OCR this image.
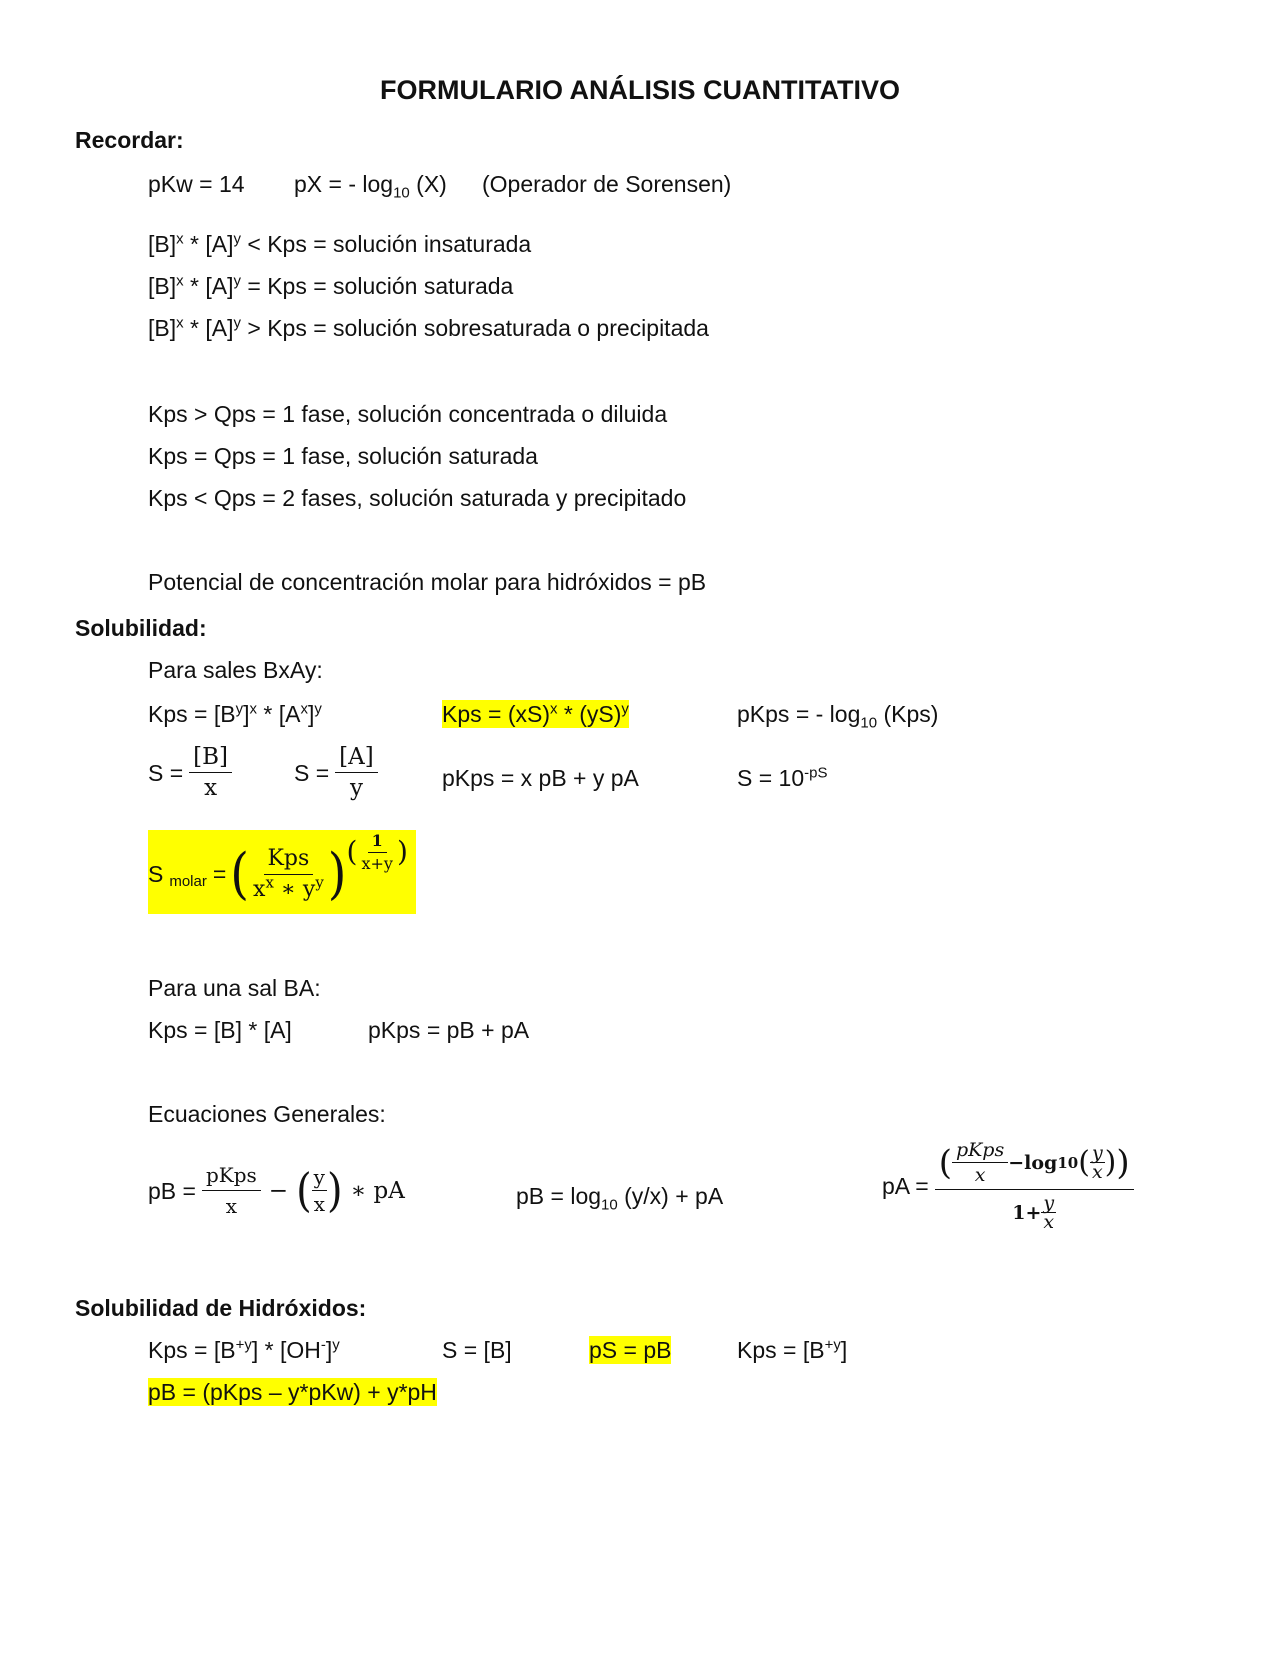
FORMULARIO ANÁLISIS CUANTITATIVO
Recordar:
pKw = 14 pX = - $\log_{10} (X)$ (Operador de Sorensen)
$[B]^x * [A]^y$ < Kps = solución insaturada
$[B]^x * [A]^y$ = Kps = solución saturada
$[B]^x * [A]^y$ > Kps = solución sobresaturada o precipitada
Kps > Qps = 1 fase, solución concentrada o diluida
Kps = Qps = 1 fase, solución saturada
Kps < Qps = 2 fases, solución saturada y precipitado
Potencial de concentración molar para hidróxidos = pB
Solubilidad:
Para sales BxAy:
Kps = $[B^y]^x * [A^x]^y$	Kps = (xS)$^x$ * (yS)$^y$	pKps = - $\log_{10} (Kps)$
$S = \frac{[B]}{x}$	$S = \frac{[A]}{y}$	pKps = x pB + y pA	$S = 10^{-pS}$
S $_{molar}$ = ( $\frac{\text{Kps}}{x^x ∗ y^y}$ ) ( $\frac{1}{x+y}$ )
Para una sal BA:
Kps = [B] * [A]	pKps = pB + pA
Ecuaciones Generales:
pB = $\frac{\text{pKps}}{x}$ − ( $\frac{y}{x}$ ) ∗ pA	pB = $\log_{10} (y/x)$ + pA	pA = $\frac{( \frac{\text{pKps}}{x} -\log 10 ( \frac{y}{x} ) )}{1+ \frac{y}{x}}$
Solubilidad de Hidróxidos:
Kps = $[B^{+y}] * [OH^-]^y$	S = [B]	pS = pB	Kps = $[B^{+y}]$
pB = (pKps – y*pKw) + y*pH
